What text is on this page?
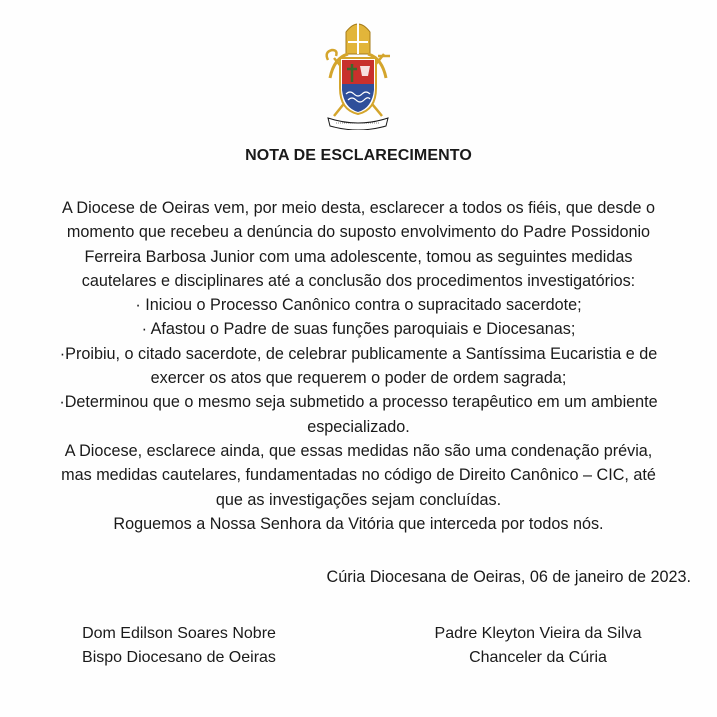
NOTA DE ESCLARECIMENTO
A Diocese de Oeiras vem, por meio desta, esclarecer a todos os fiéis, que desde o
momento que recebeu a denúncia do suposto envolvimento do Padre Possidonio
Ferreira Barbosa Junior com uma adolescente, tomou as seguintes medidas
cautelares e disciplinares até a conclusão dos procedimentos investigatórios:
· Iniciou o Processo Canônico contra o supracitado sacerdote;
· Afastou o Padre de suas funções paroquiais e Diocesanas;
·Proibiu, o citado sacerdote, de celebrar publicamente a Santíssima Eucaristia e de
exercer os atos que requerem o poder de ordem sagrada;
·Determinou que o mesmo seja submetido a processo terapêutico em um ambiente
especializado.
A Diocese, esclarece ainda, que essas medidas não são uma condenação prévia,
mas medidas cautelares, fundamentadas no código de Direito Canônico – CIC, até
que as investigações sejam concluídas.
Roguemos a Nossa Senhora da Vitória que interceda por todos nós.
Cúria Diocesana de Oeiras, 06 de janeiro de 2023.
Dom Edilson Soares Nobre
Bispo Diocesano de Oeiras
Padre Kleyton Vieira da Silva
Chanceler da Cúria
